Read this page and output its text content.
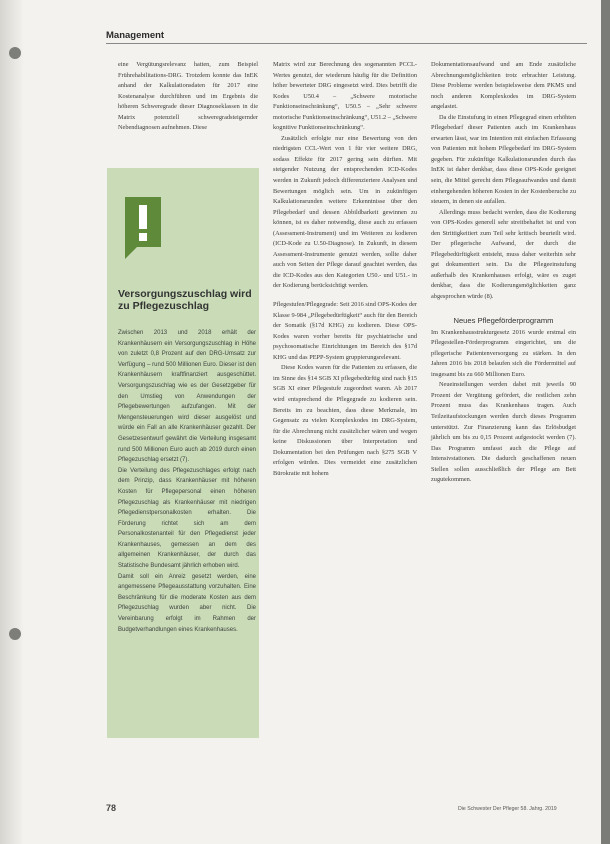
Management

eine Vergütungsrelevanz hatten, zum Beispiel Frührehabilitations-DRG. Trotzdem konnte das InEK anhand der Kalkulationsdaten für 2017 eine Kostenanalyse durchführen und im Ergebnis die höheren Schweregrade dieser Diagnoseklassen in die Matrix potenziell schweregradsteigernder Nebendiagnosen aufnehmen. Diese

Versorgungszuschlag wird zu Pflegezuschlag

Zwischen 2013 und 2018 erhält der Krankenhäusern ein Versorgungszuschlag in Höhe von zuletzt 0,8 Prozent auf den DRG-Umsatz zur Verfügung – rund 500 Millionen Euro. Dieser ist den Krankenhäusern kraftfinanziert ausgeschüttet. Versorgungszuschlag wie es der Gesetzgeber für den Umstieg von Anwendungen der Pflegebewertungen aufzufangen. Mit der Mengensteuerungen wird dieser ausgelöst und würde ein Fall an alle Krankenhäuser gezahlt. Der Gesetzesentwurf gewährt die Verteilung insgesamt rund 500 Millionen Euro auch ab 2019 durch einen Pflegezuschlag ersetzt (7).

Die Verteilung des Pflegezuschlages erfolgt nach dem Prinzip, dass Krankenhäuser mit höheren Kosten für Pflegepersonal einen höheren Pflegezuschlag als Krankenhäuser mit niedrigen Pflegedienstpersonalkosten erhalten. Die Förderung richtet sich am dem Personalkostenanteil für den Pflegedienst jeder Krankenhauses, gemessen an dem des allgemeinen Krankenhäuser, der durch das Statistische Bundesamt jährlich erhoben wird.

Damit soll ein Anreiz gesetzt werden, eine angemessene Pflegeausstattung vorzuhalten. Eine Beschränkung für die moderate Kosten aus dem Pflegezuschlag wurden aber nicht. Die Vereinbarung erfolgt im Rahmen der Budgetverhandlungen eines Krankenhauses.

Matrix wird zur Berechnung des sogenannten PCCL-Wertes genutzt, der wiederum häufig für die Definition höher bewerteter DRG eingesetzt wird. Dies betrifft die Kodes U50.4 – „Schwere motorische Funktionseinschränkung“, U50.5 – „Sehr schwere motorische Funktionseinschränkung“, U51.2 – „Schwere kognitive Funktionseinschränkung“.

Zusätzlich erfolgte nur eine Bewertung von den niedrigsten CCL-Wert von 1 für vier weitere DRG, sodass Effekte für 2017 gering sein dürften. Mit steigender Nutzung der entsprechenden ICD-Kodes werden in Zukunft jedoch differenziertere Analysen und Bewertungen möglich sein. Um in zukünftigen Kalkulationsrunden weitere Erkenntnisse über den Pflegebedarf und dessen Abbildbarkeit gewinnen zu können, ist es daher notwendig, diese auch zu erfassen (Assessment-Instrument) und im Weiteren zu kodieren (ICD-Kode zu U.50-Diagnose). In Zukunft, in diesem Assessment-Instrumente genutzt werden, sollte daher auch von Seiten der Pflege darauf geachtet werden, das die ICD-Kodes aus den Kategorien U50.- und U51.- in der Kodierung berücksichtigt werden.

Pflegestufen/Pflegegrade: Seit 2016 sind OPS-Kodes der Klasse 9-984 „Pflegebedürftigkeit“ auch für den Bereich der Somatik (§17d KHG) zu kodieren. Diese OPS-Kodes waren vorher bereits für psychiatrische und psychosomatische Einrichtungen im Bereich des §17d KHG und das PEPP-System gruppierungsrelevant.

Diese Kodes waren für die Patienten zu erfassen, die im Sinne des §14 SGB XI pflegebedürftig sind nach §15 SGB XI einer Pflegestufe zugeordnet waren. Ab 2017 wird entsprechend die Pflegegrade zu kodieren sein. Bereits im zu beachten, dass diese Merkmale, im Gegensatz zu vielen Komplexkodes im DRG-System, für die Abrechnung nicht zusätzlicher wären und wegen keine Diskussionen über Interpretation und Dokumentation bei den Prüfungen nach §275 SGB V erfolgen würden. Dies vermeidet eine zusätzlichen Bürokratie mit hohem

Dokumentationsaufwand und am Ende zusätzliche Abrechnungsmöglichkeiten trotz erbrachter Leistung. Diese Probleme werden beispielsweise dem PKMS und noch anderen Komplexkodes im DRG-System angelastet.

Da die Einstufung in einen Pflegegrad einen erhöhten Pflegebedarf dieser Patienten auch im Krankenhaus erwarten lässt, war im Intention mit einfachen Erfassung von Patienten mit hohem Pflegebedarf im DRG-System gegeben. Für zukünftige Kalkulationsrunden durch das InEK ist daher denkbar, dass diese OPS-Kode geeignet sein, die Mittel gerecht dem Pflegeaufwandes und damit einhergehenden höheren Kosten in der Kostenberuche zu steuern, in denen sie aufallen.

Allerdings muss bedacht werden, dass die Kodierung von OPS-Kodes generell sehr streitbehaftet ist und von den Strittigkeitiert zum Teil sehr kritisch beurteilt wird. Der pflegerische Aufwand, der durch die Pflegebedürftigkeit entsteht, muss daher weiterhin sehr gut dokumentiert sein. Da die Pflegeeinstufung außerhalb des Krankenhauses erfolgt, wäre es zuget denkbar, dass die Kodierungsmöglichkeiten ganz abgesprochen würde (8).

Neues Pflegeförderprogramm

Im Krankenhausstrukturgesetz 2016 wurde erstmal ein Pflegestellen-Förderprogramm eingerichtet, um die pflegerische Patientenversorgung zu stärken. In den Jahren 2016 bis 2018 belaufen sich die Fördermittel auf insgesamt bis zu 660 Millionen Euro.

Neueinstellungen werden dabei mit jeweils 90 Prozent der Vergütung gefördert, die restlichen zehn Prozent muss das Krankenhaus tragen. Auch Teilzeitaufstockungen werden durch dieses Programm unterstützt. Zur Finanzierung kann das Erlösbudget jährlich um bis zu 0,15 Prozent aufgestockt werden (7). Das Programm umfasst auch die Pflege auf Intensivstationen. Die dadurch geschaffenen neuen Stellen sollen ausschließlich der Pflege am Bett zugutekommen.

78	Die Schwester Der Pfleger 58. Jahrg. 2019
